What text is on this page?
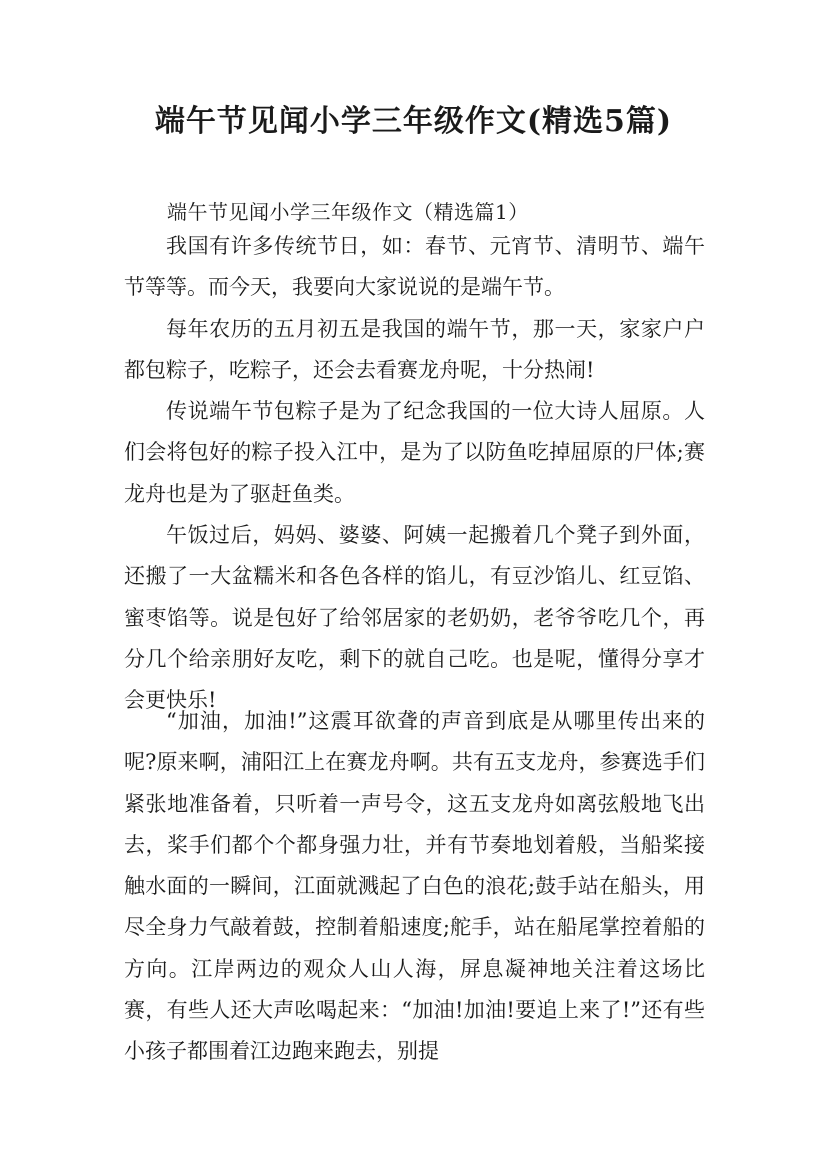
端午节见闻小学三年级作文(精选5篇)
端午节见闻小学三年级作文（精选篇1）

我国有许多传统节日，如：春节、元宵节、清明节、端午节等等。而今天，我要向大家说说的是端午节。

每年农历的五月初五是我国的端午节，那一天，家家户户都包粽子，吃粽子，还会去看赛龙舟呢，十分热闹!

传说端午节包粽子是为了纪念我国的一位大诗人屈原。人们会将包好的粽子投入江中，是为了以防鱼吃掉屈原的尸体;赛龙舟也是为了驱赶鱼类。

午饭过后，妈妈、婆婆、阿姨一起搬着几个凳子到外面，还搬了一大盆糯米和各色各样的馅儿，有豆沙馅儿、红豆馅、蜜枣馅等。说是包好了给邻居家的老奶奶，老爷爷吃几个，再分几个给亲朋好友吃，剩下的就自己吃。也是呢，懂得分享才会更快乐!

“加油，加油!”这震耳欲聋的声音到底是从哪里传出来的呢?原来啊，浦阳江上在赛龙舟啊。共有五支龙舟，参赛选手们紧张地准备着，只听着一声号令，这五支龙舟如离弦般地飞出去，桨手们都个个都身强力壮，并有节奏地划着般，当船桨接触水面的一瞬间，江面就溅起了白色的浪花;鼓手站在船头，用尽全身力气敲着鼓，控制着船速度;舵手，站在船尾掌控着船的方向。江岸两边的观众人山人海，屏息凝神地关注着这场比赛，有些人还大声吆喝起来：“加油!加油!要追上来了!”还有些小孩子都围着江边跑来跑去，别提
